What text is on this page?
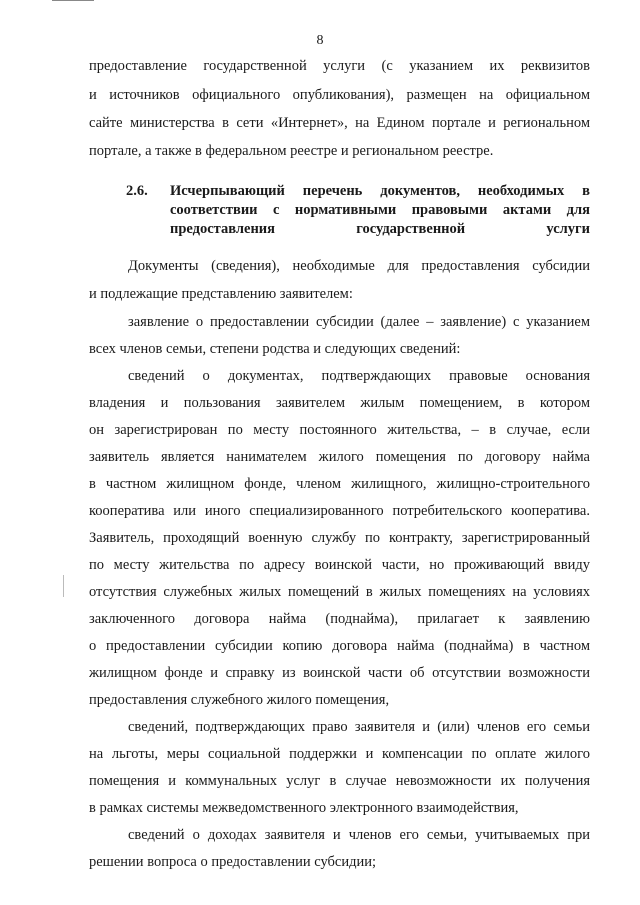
8
предоставление государственной услуги (с указанием их реквизитов
и источников официального опубликования), размещен на официальном
сайте министерства в сети «Интернет», на Едином портале и региональном
портале, а также в федеральном реестре и региональном реестре.
2.6. Исчерпывающий перечень документов, необходимых в соответствии с нормативными правовыми актами для предоставления государственной услуги
Документы (сведения), необходимые для предоставления субсидии
и подлежащие представлению заявителем:
заявление о предоставлении субсидии (далее – заявление) с указанием
всех членов семьи, степени родства и следующих сведений:
сведений о документах, подтверждающих правовые основания
владения и пользования заявителем жилым помещением, в котором
он зарегистрирован по месту постоянного жительства, – в случае, если
заявитель является нанимателем жилого помещения по договору найма
в частном жилищном фонде, членом жилищного, жилищно-строительного
кооператива или иного специализированного потребительского кооператива.
Заявитель, проходящий военную службу по контракту, зарегистрированный
по месту жительства по адресу воинской части, но проживающий ввиду
отсутствия служебных жилых помещений в жилых помещениях на условиях
заключенного договора найма (поднайма), прилагает к заявлению
о предоставлении субсидии копию договора найма (поднайма) в частном
жилищном фонде и справку из воинской части об отсутствии возможности
предоставления служебного жилого помещения,
сведений, подтверждающих право заявителя и (или) членов его семьи
на льготы, меры социальной поддержки и компенсации по оплате жилого
помещения и коммунальных услуг в случае невозможности их получения
в рамках системы межведомственного электронного взаимодействия,
сведений о доходах заявителя и членов его семьи, учитываемых при
решении вопроса о предоставлении субсидии;
